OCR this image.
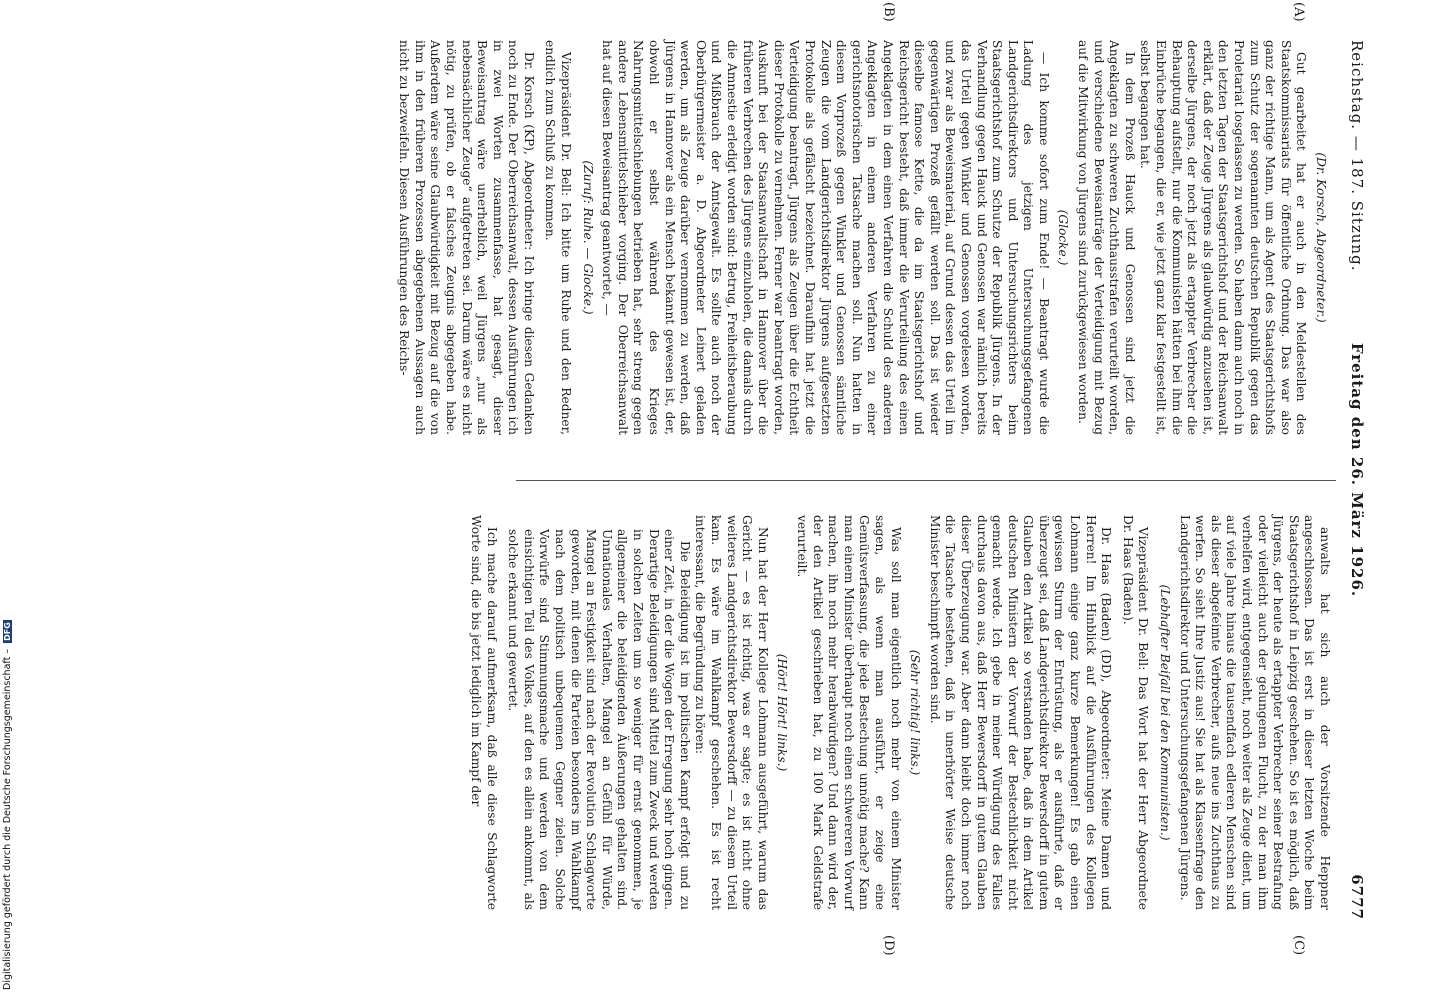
Reichstag. — 187. Sitzung.
Freitag den 26. März 1926.
6777
(A)
(B)
(C)
(D)

(Dr. Korsch, Abgeordneter.)

Gut gearbeitet hat er auch in den Meldestellen des Staatskommissariats für öffentliche Ordnung. Das war also ganz der richtige Mann, um als Agent des Staatsgerichtshofs zum Schutz der sogenannten deutschen Republik gegen das Proletariat losgelassen zu werden. So haben dann auch noch in den letzten Tagen der Staatsgerichtshof und der Reichsanwalt erklärt, daß der Zeuge Jürgens als glaubwürdig anzusehen ist, derselbe Jürgens, der noch jetzt als ertappter Verbrecher die Behauptung aufstellt, nur die Kommunisten hätten bei ihm die Einbrüche begangen, die er, wie jetzt ganz klar festgestellt ist, selbst begangen hat.

In dem Prozeß Hauck und Genossen sind jetzt die Angeklagten zu schweren Zuchthausstrafen verurteilt worden, und verschiedene Beweisanträge der Verteidigung mit Bezug auf die Mitwirkung von Jürgens sind zurückgewiesen worden.

(Glocke.)

— Ich komme sofort zum Ende! — Beantragt wurde die Ladung des jetzigen Untersuchungsgefangenen Landgerichtsdirektors und Untersuchungsrichters beim Staatsgerichtshof zum Schutze der Republik Jürgens. In der Verhandlung gegen Hauck und Genossen war nämlich bereits das Urteil gegen Winkler und Genossen vorgelesen worden, und zwar als Beweismaterial, auf Grund dessen das Urteil im gegenwärtigen Prozeß gefällt werden soll. Das ist wieder dieselbe famose Kette, die da im Staatsgerichtshof und Reichsgericht besteht, daß immer die Verurteilung des einen Angeklagten in dem einen Verfahren die Schuld des anderen Angeklagten in einem anderen Verfahren zu einer gerichtsnotorischen Tatsache machen soll. Nun hatten in diesem Vorprozeß gegen Winkler und Genossen sämtliche Zeugen die vom Landgerichtsdirektor Jürgens aufgesetzten Protokolle als gefälscht bezeichnet. Daraufhin hat jetzt die Verteidigung beantragt, Jürgens als Zeugen über die Echtheit dieser Protokolle zu vernehmen. Ferner war beantragt worden, Auskunft bei der Staatsanwaltschaft in Hannover über die früheren Verbrechen des Jürgens einzuholen, die damals durch die Amnestie erledigt worden sind: Betrug, Freiheitsberaubung und Mißbrauch der Amtsgewalt. Es sollte auch noch der Oberbürgermeister a. D. Abgeordneter Leinert geladen werden, um als Zeuge darüber vernommen zu werden, daß Jürgens in Hannover als ein Mensch bekannt gewesen ist, der, obwohl er selbst während des Krieges Nahrungsmittelschiebungen betrieben hat, sehr streng gegen andere Lebensmittelschieber vorging. Der Oberreichsanwalt hat auf diesen Beweisantrag geantwortet, —

(Zuruf: Ruhe. — Glocke.)

Vizepräsident Dr. Bell: Ich bitte um Ruhe und den Redner, endlich zum Schluß zu kommen.

Dr. Korsch (KP), Abgeordneter: Ich bringe diesen Gedanken noch zu Ende. Der Oberreichsanwalt, dessen Ausführungen ich in zwei Worten zusammenfasse, hat gesagt, dieser Beweisantrag wäre unerheblich, weil Jürgens „nur als nebensächlicher Zeuge“ aufgetreten sei. Darum wäre es nicht nötig, zu prüfen, ob er falsches Zeugnis abgegeben habe. Außerdem wäre seine Glaubwürdigkeit mit Bezug auf die von ihm in den früheren Prozessen abgegebenen Aussagen auch nicht zu bezweifeln. Diesen Ausführungen des Reichs-

anwalts hat sich auch der Vorsitzende Heppner angeschlossen. Das ist erst in dieser letzten Woche beim Staatsgerichtshof in Leipzig geschehen. So ist es möglich, daß Jürgens, der heute als ertappter Verbrecher seiner Bestrafung oder vielleicht auch der gelungenen Flucht, zu der man ihm verhelfen wird, entgegensieht, noch weiter als Zeuge dient, um auf viele Jahre hinaus die tausendfach edleren Menschen sind als dieser abgefeimte Verbrecher, aufs neue ins Zuchthaus zu werfen. So sieht Ihre Justiz aus! Sie hat als Klassenfrage den Landgerichtsdirektor und Untersuchungsgefangenen Jürgens.

(Lebhafter Beifall bei den Kommunisten.)

Vizepräsident Dr. Bell: Das Wort hat der Herr Abgeordnete Dr. Haas (Baden).

Dr. Haas (Baden) (DD), Abgeordneter: Meine Damen und Herren! Im Hinblick auf die Ausführungen des Kollegen Lohmann einige ganz kurze Bemerkungen! Es gab einen gewissen Sturm der Entrüstung, als er ausführte, daß er überzeugt sei, daß Landgerichtsdirektor Bewersdorff in gutem Glauben den Artikel so verstanden habe, daß in dem Artikel deutschen Ministern der Vorwurf der Bestechlichkeit nicht gemacht werde. Ich gebe in meiner Würdigung des Falles durchaus davon aus, daß Herr Bewersdorff in gutem Glauben dieser Überzeugung war. Aber dann bleibt doch immer noch die Tatsache bestehen, daß in unerhörter Weise deutsche Minister beschimpft worden sind.

(Sehr richtig! links.)

Was soll man eigentlich noch mehr von einem Minister sagen, als wenn man ausführt, er zeige eine Gemütsverfassung, die jede Bestechung unnötig mache? Kann man einem Minister überhaupt noch einen schwereren Vorwurf machen, ihn noch mehr herabwürdigen? Und dann wird der, der den Artikel geschrieben hat, zu 100 Mark Geldstrafe verurteilt.

(Hört! Hört! links.)

Nun hat der Herr Kollege Lohmann ausgeführt, warum das Gericht — es ist richtig, was er sagte; es ist nicht ohne weiteres Landgerichtsdirektor Bewersdorff — zu diesem Urteil kam. Es wäre im Wahlkampf geschehen. Es ist recht interessant, die Begründung zu hören:

Die Beleidigung ist im politischen Kampf erfolgt und zu einer Zeit, in der die Wogen der Erregung sehr hoch gingen. Derartige Beleidigungen sind Mittel zum Zweck und werden in solchen Zeiten um so weniger für ernst genommen, je allgemeiner die beleidigenden Äußerungen gehalten sind. Unnationales Verhalten, Mangel an Gefühl für Würde, Mangel an Festigkeit sind nach der Revolution Schlagworte geworden, mit denen die Parteien besonders im Wahlkampf nach dem politisch unbequemen Gegner zielen. Solche Vorwürfe sind Stimmungsmache und werden von dem einsichtigen Teil des Volkes, auf den es allein ankommt, als solche erkannt und gewertet.

Ich mache darauf aufmerksam, daß alle diese Schlagworte Worte sind, die bis jetzt lediglich im Kampf der

Digitalisierung gefördert durch die Deutsche Forschungsgemeinschaft – DFG
